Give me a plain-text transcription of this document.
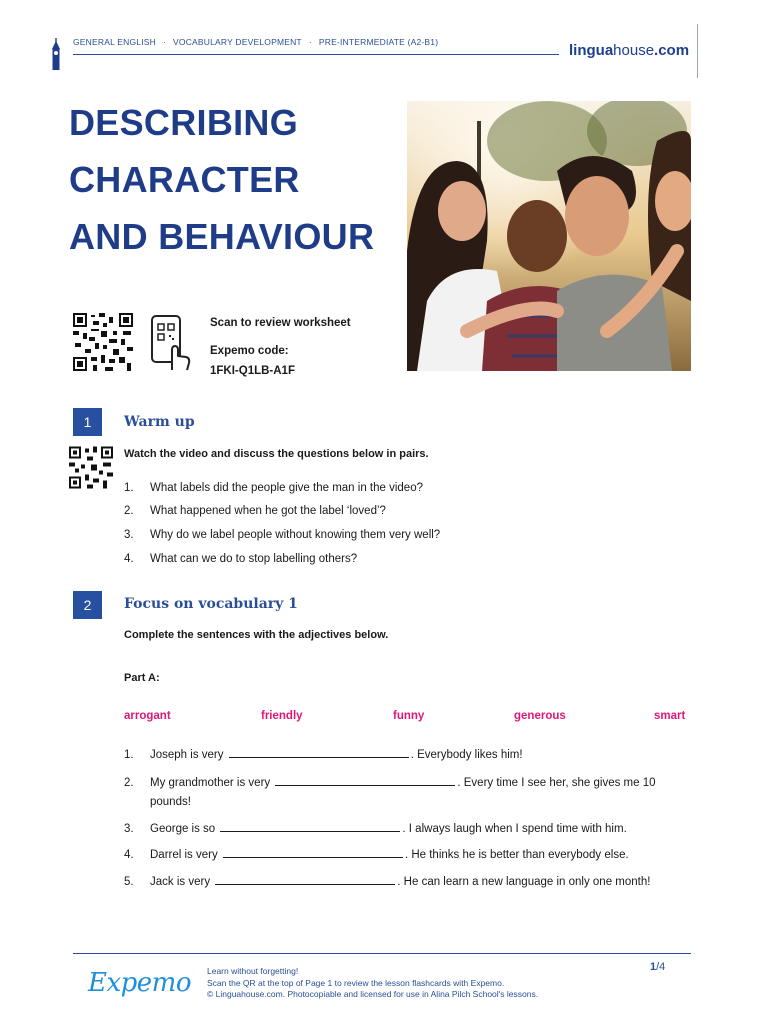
GENERAL ENGLISH · VOCABULARY DEVELOPMENT · PRE-INTERMEDIATE (A2-B1)	linguahouse.com
DESCRIBING
CHARACTER
AND BEHAVIOUR
Scan to review worksheet
Expemo code:
1FKI-Q1LB-A1F
1	Warm up
Watch the video and discuss the questions below in pairs.
1. What labels did the people give the man in the video?
2. What happened when he got the label ‘loved’?
3. Why do we label people without knowing them very well?
4. What can we do to stop labelling others?
2	Focus on vocabulary 1
Complete the sentences with the adjectives below.
Part A:
arrogant	friendly	funny	generous	smart
1. Joseph is very	. Everybody likes him!
2. My grandmother is very	. Every time I see her, she gives me 10
pounds!
3. George is so	. I always laugh when I spend time with him.
4. Darrel is very	. He thinks he is better than everybody else.
5. Jack is very	. He can learn a new language in only one month!
Expemo Learn without forgetting!
Scan the QR at the top of Page 1 to review the lesson flashcards with Expemo.
© Linguahouse.com. Photocopiable and licensed for use in Alina Pilch School's lessons.
1/4
